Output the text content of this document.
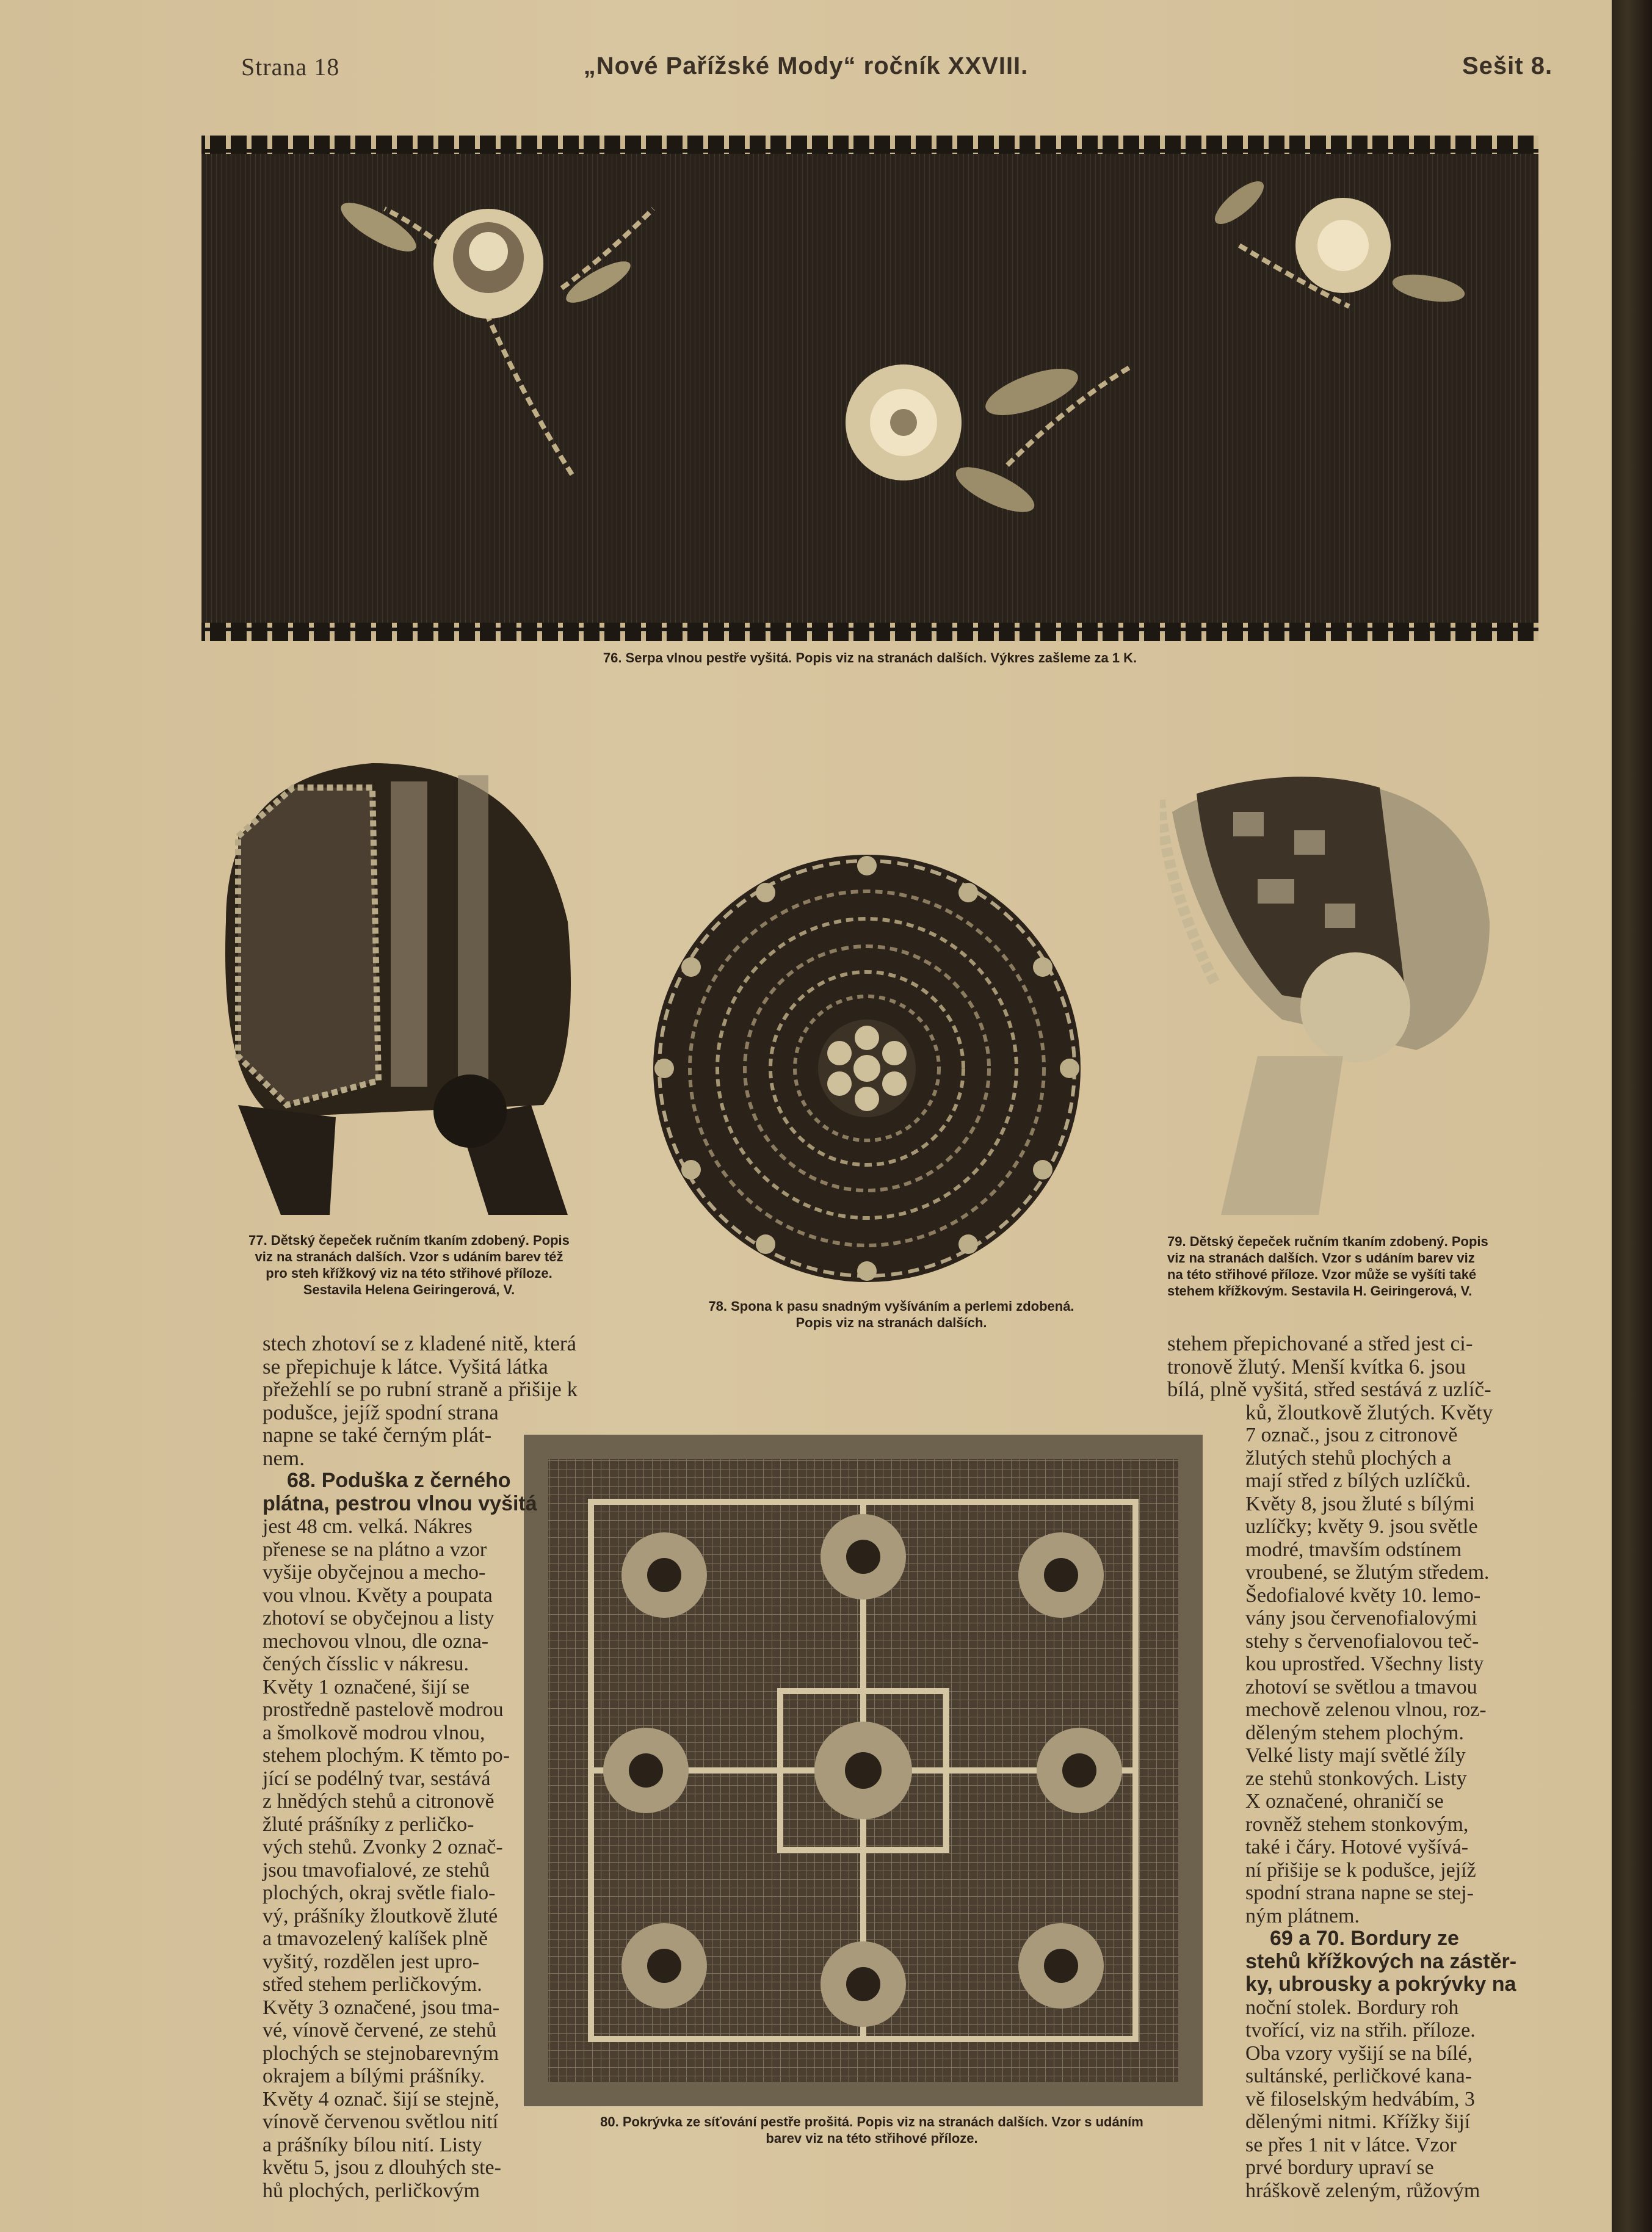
Strana 18	„Nové Pařížské Mody“ ročník XXVIII.	Sešit 8.
76. Serpa vlnou pestře vyšitá. Popis viz na stranách dalších. Výkres zašleme za 1 K.
77. Dětský čepeček ručním tkaním zdobený. Popis
viz na stranách dalších. Vzor s udáním barev též
pro steh křížkový viz na této střihové příloze.
Sestavila Helena Geiringerová, V.
78. Spona k pasu snadným vyšíváním a perlemi zdobená.
Popis viz na stranách dalších.
79. Dětský čepeček ručním tkaním zdobený. Popis
viz na stranách dalších. Vzor s udáním barev viz
na této střihové příloze. Vzor může se vyšíti také
stehem křížkovým. Sestavila H. Geiringerová, V.
80. Pokrývka ze síťování pestře prošitá. Popis viz na stranách dalších. Vzor s udáním
barev viz na této střihové příloze.

stech zhotoví se z kladené nitě, která

se přepichuje k látce. Vyšitá látka

přežehlí se po rubní straně a přišije k

podušce, jejíž spodní strana

napne se také černým plát-

nem.

68. Poduška z černého

plátna, pestrou vlnou vyšitá

jest 48 cm. velká. Nákres

přenese se na plátno a vzor

vyšije obyčejnou a mecho-

vou vlnou. Květy a poupata

zhotoví se obyčejnou a listy

mechovou vlnou, dle ozna-

čených čísslic v nákresu.

Květy 1 označené, šijí se

prostředně pastelově modrou

a šmolkově modrou vlnou,

stehem plochým. K těmto po-

jící se podélný tvar, sestává

z hnědých stehů a citronově

žluté prášníky z perličko-

vých stehů. Zvonky 2 označ-

jsou tmavofialové, ze stehů

plochých, okraj světle fialo-

vý, prášníky žloutkově žluté

a tmavozelený kalíšek plně

vyšitý, rozdělen jest upro-

střed stehem perličkovým.

Květy 3 označené, jsou tma-

vé, vínově červené, ze stehů

plochých se stejnobarevným

okrajem a bílými prášníky.

Květy 4 označ. šijí se stejně,

vínově červenou světlou nití

a prášníky bílou nití. Listy

květu 5, jsou z dlouhých ste-

hů plochých, perličkovým

stehem přepichované a střed jest ci-

tronově žlutý. Menší kvítka 6. jsou

bílá, plně vyšitá, střed sestává z uzlíč-

ků, žloutkově žlutých. Květy

7 označ., jsou z citronově

žlutých stehů plochých a

mají střed z bílých uzlíčků.

Květy 8, jsou žluté s bílými

uzlíčky; květy 9. jsou světle

modré, tmavším odstínem

vroubené, se žlutým středem.

Šedofialové květy 10. lemo-

vány jsou červenofialovými

stehy s červenofialovou teč-

kou uprostřed. Všechny listy

zhotoví se světlou a tmavou

mechově zelenou vlnou, roz-

děleným stehem plochým.

Velké listy mají světlé žíly

ze stehů stonkových. Listy

X označené, ohraničí se

rovněž stehem stonkovým,

také i čáry. Hotové vyšívá-

ní přišije se k podušce, jejíž

spodní strana napne se stej-

ným plátnem.

69 a 70. Bordury ze

stehů křížkových na zástěr-

ky, ubrousky a pokrývky na

noční stolek. Bordury roh

tvořící, viz na střih. příloze.

Oba vzory vyšijí se na bílé,

sultánské, perličkové kana-

vě filoselským hedvábím, 3

dělenými nitmi. Křížky šijí

se přes 1 nit v látce. Vzor

prvé bordury upraví se

hráškově zeleným, růžovým
